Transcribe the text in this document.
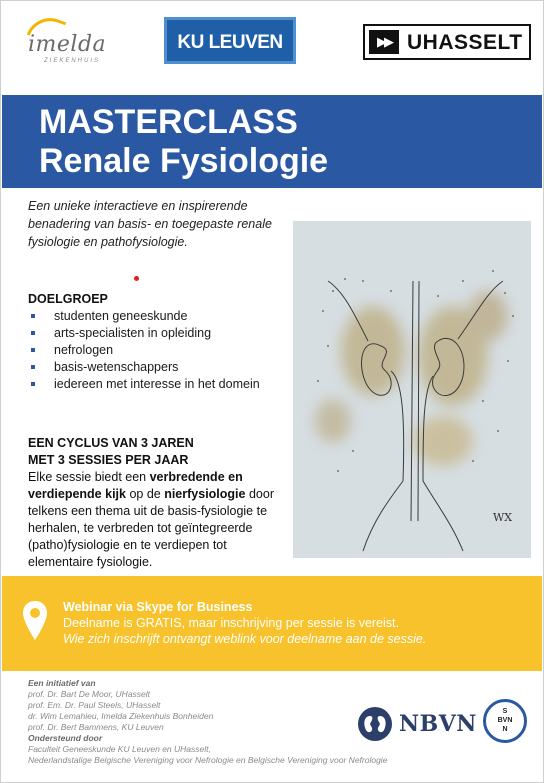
imelda
ZIEKENHUIS
KU LEUVEN	▶▶ UHASSELT
MASTERCLASS
Renale Fysiologie
Een unieke interactieve en inspirerende benadering van basis- en toegepaste renale fysiologie en pathofysiologie.
DOELGROEP
studenten geneeskunde
arts-specialisten in opleiding
nefrologen
basis-wetenschappers
iedereen met interesse in het domein
EEN CYCLUS VAN 3 JAREN
MET 3 SESSIES PER JAAR

Elke sessie biedt een verbredende en verdiepende kijk op de nierfysiologie door telkens een thema uit de basis-fysiologie te herhalen, te verbreden tot geïntegreerde (patho)fysiologie en te verdiepen tot elementaire fysiologie.

WX
Webinar via Skype for Business
Deelname is GRATIS, maar inschrijving per sessie is vereist.
Wie zich inschrijft ontvangt weblink voor deelname aan de sessie.
Een initiatief van
prof. Dr. Bart De Moor, UHasselt
prof. Em. Dr. Paul Steels, UHasselt
dr. Wim Lemahieu, Imelda Ziekenhuis Bonheiden
prof. Dr. Bert Bammens, KU Leuven
Ondersteund door
Faculteit Geneeskunde KU Leuven en UHasselt,
Nederlandstalige Belgische Vereniging voor Nefrologie en Belgische Vereniging voor Nefrologie
NBVN	S
BVN
N
